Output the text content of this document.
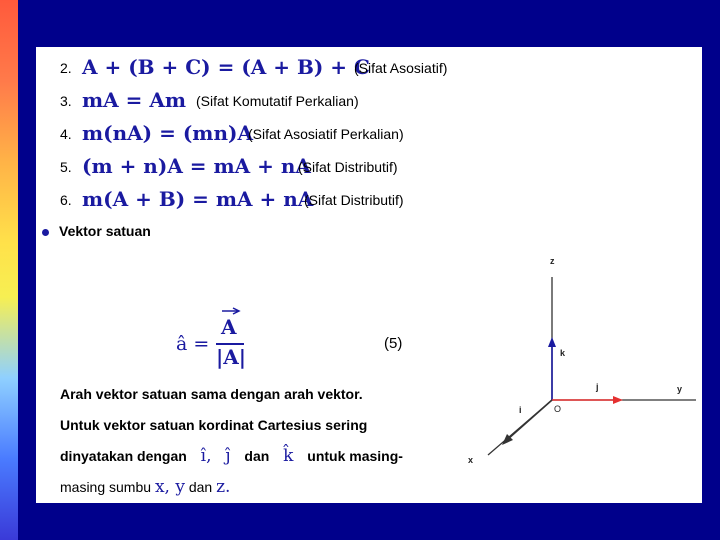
2. A + (B + C) = (A + B) + C
(Sifat Asosiatif)
3. mA = Am (Sifat Komutatif Perkalian)
4. m(nA) = (mn)A
(Sifat Asosiatif Perkalian)
5. (m + n)A = mA + nA
(Sifat Distributif)
6. m(A + B) = mA + nA
(Sifat Distributif)
Vektor satuan
â =
A
|A|
(5)
Arah vektor satuan sama dengan arah vektor.
Untuk vektor satuan kordinat Cartesius sering
dinyatakan dengan î, ĵ dan k̂ untuk masing-
masing sumbu x, y dan z.
z
y
x
k
j
i	O
